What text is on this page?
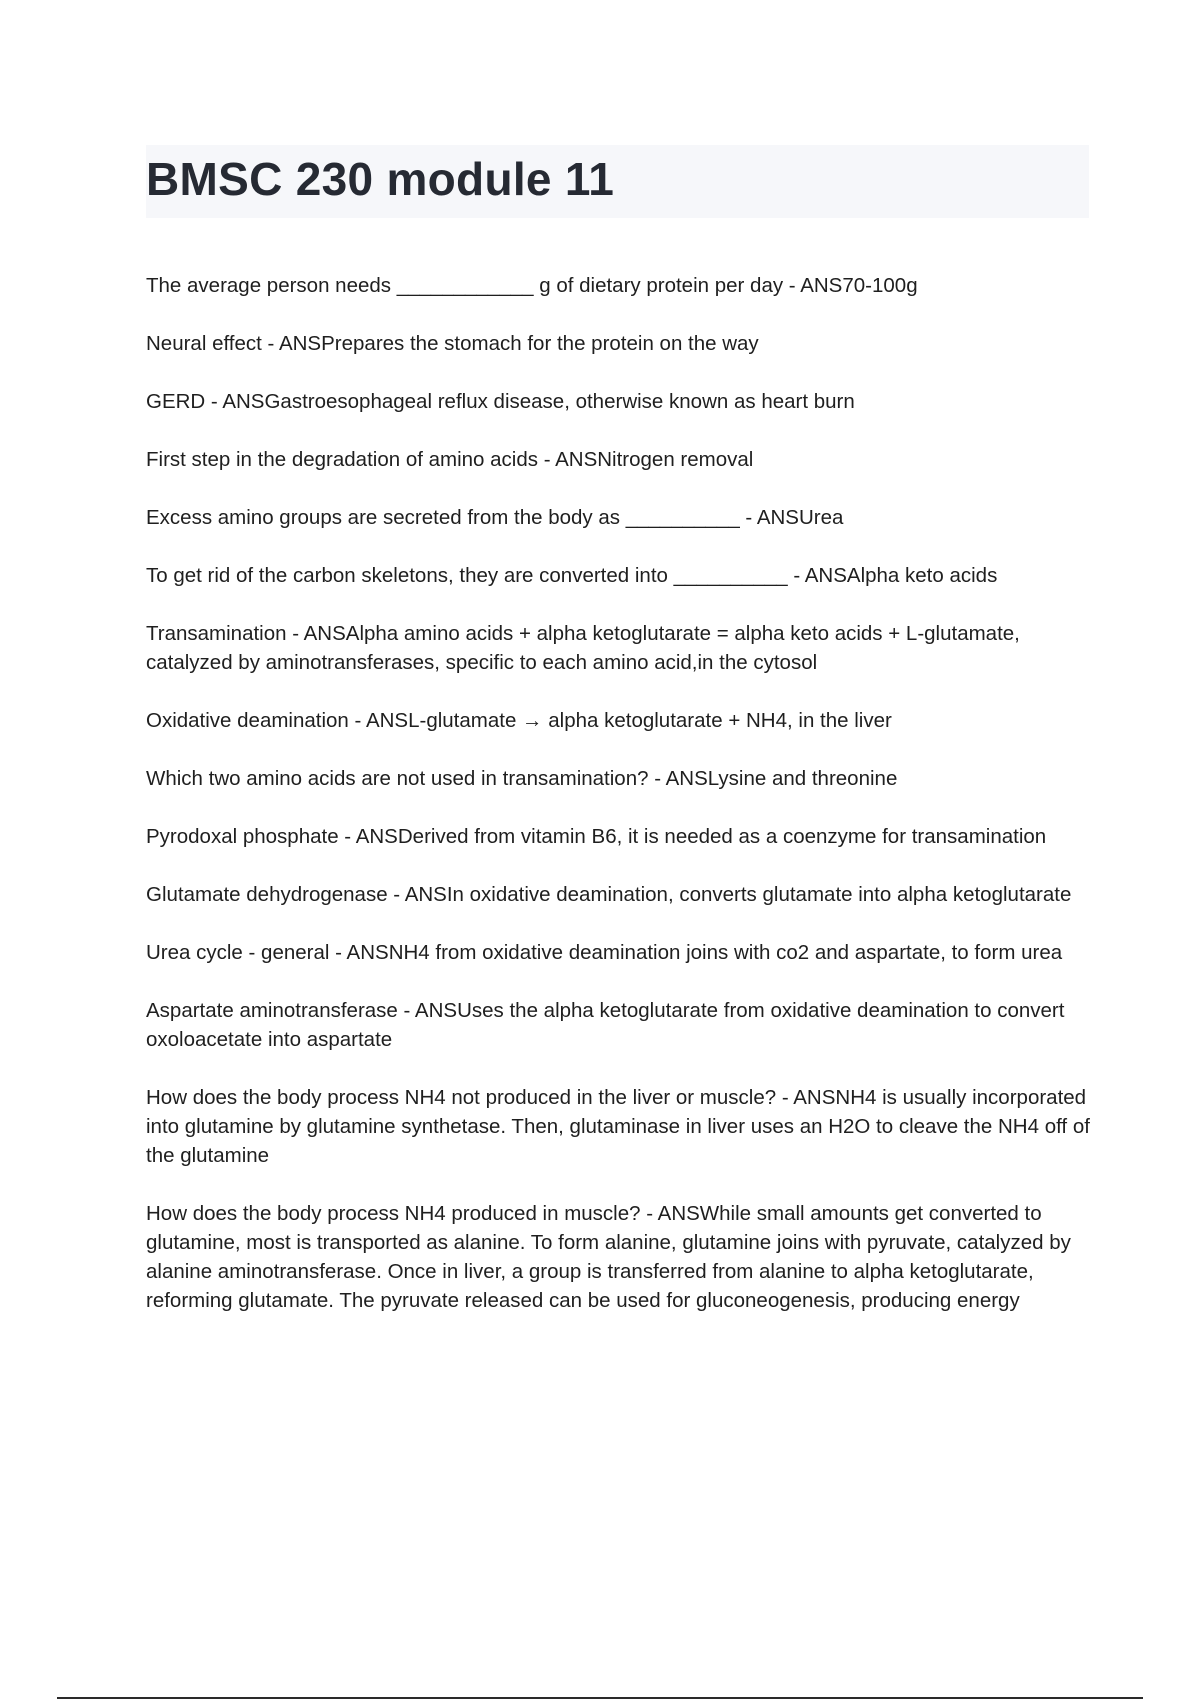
BMSC 230 module 11

The average person needs ____________ g of dietary protein per day - ANS70-100g

Neural effect - ANSPrepares the stomach for the protein on the way

GERD - ANSGastroesophageal reflux disease, otherwise known as heart burn

First step in the degradation of amino acids - ANSNitrogen removal

Excess amino groups are secreted from the body as __________ - ANSUrea

To get rid of the carbon skeletons, they are converted into __________ - ANSAlpha keto acids

Transamination - ANSAlpha amino acids + alpha ketoglutarate = alpha keto acids + L-glutamate, catalyzed by aminotransferases, specific to each amino acid,in the cytosol

Oxidative deamination - ANSL-glutamate → alpha ketoglutarate + NH4, in the liver

Which two amino acids are not used in transamination? - ANSLysine and threonine

Pyrodoxal phosphate - ANSDerived from vitamin B6, it is needed as a coenzyme for transamination

Glutamate dehydrogenase - ANSIn oxidative deamination, converts glutamate into alpha ketoglutarate

Urea cycle - general - ANSNH4 from oxidative deamination joins with co2 and aspartate, to form urea

Aspartate aminotransferase - ANSUses the alpha ketoglutarate from oxidative deamination to convert oxoloacetate into aspartate

How does the body process NH4 not produced in the liver or muscle? - ANSNH4 is usually incorporated into glutamine by glutamine synthetase. Then, glutaminase in liver uses an H2O to cleave the NH4 off of the glutamine

How does the body process NH4 produced in muscle? - ANSWhile small amounts get converted to glutamine, most is transported as alanine. To form alanine, glutamine joins with pyruvate, catalyzed by alanine aminotransferase. Once in liver, a group is transferred from alanine to alpha ketoglutarate, reforming glutamate. The pyruvate released can be used for gluconeogenesis, producing energy
